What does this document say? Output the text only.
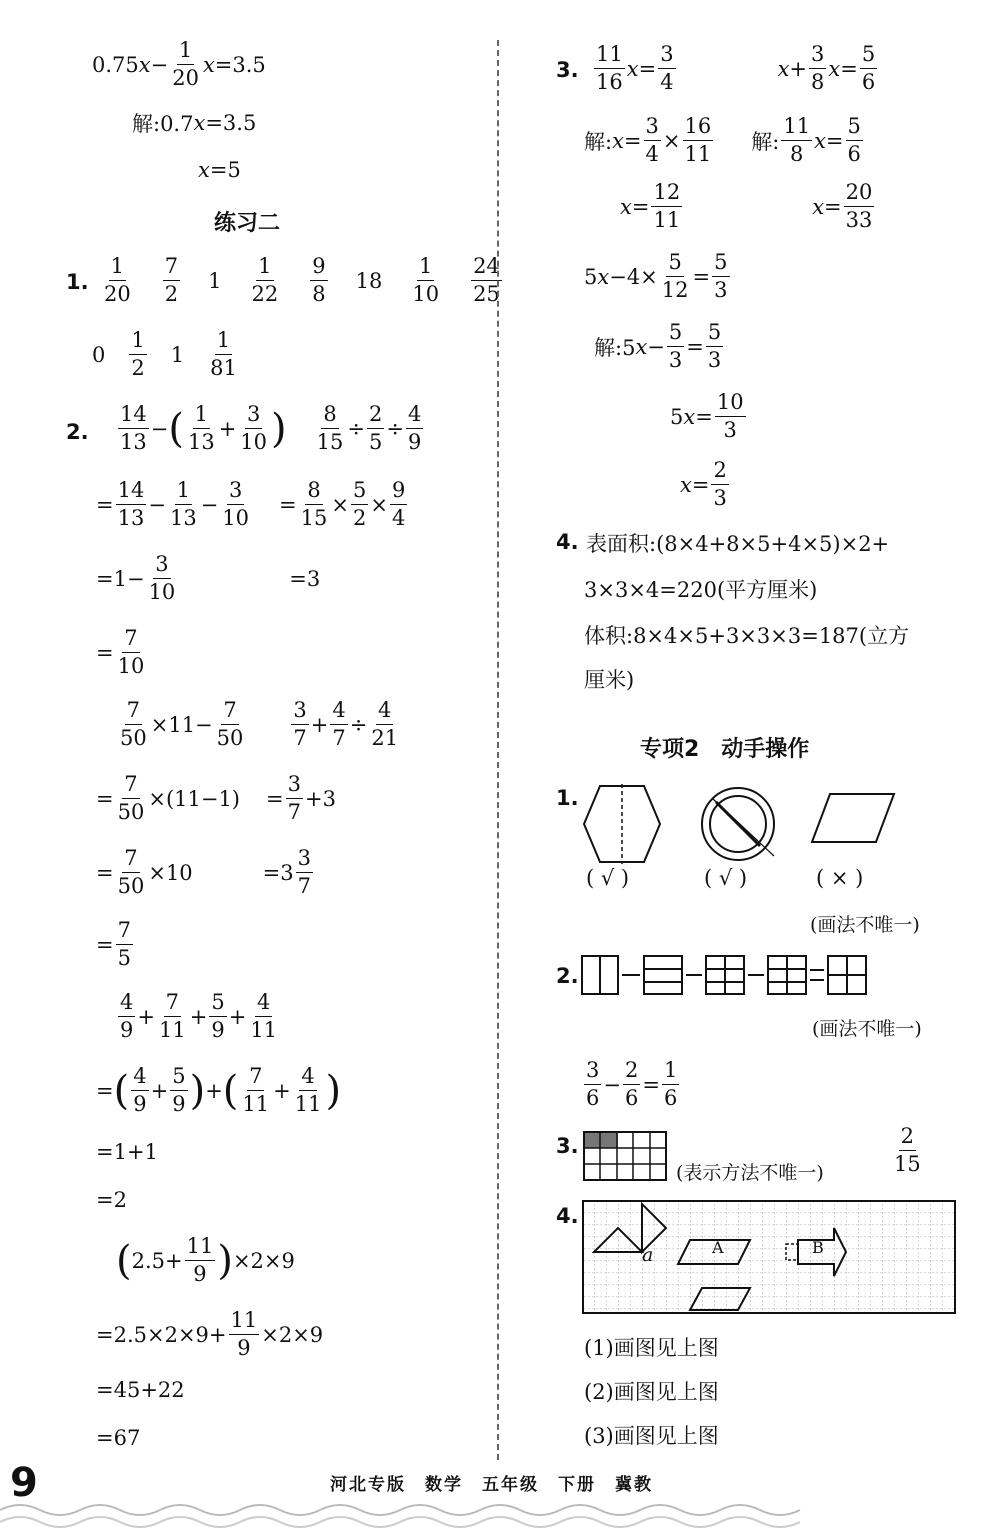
0.75 $x - \frac{1}{20}$ x =3.5
解:0.7 x =3.5
x =5
练习二
1. $\frac{1}{20} \frac{7}{2} 1 \frac{1}{22} \frac{9}{8} 18 \frac{1}{10} \frac{24}{25}$
$0 \frac{1}{2} 1 \frac{1}{81}$
2. $\frac{14}{13}$ − ( $\frac{1}{13} + \frac{3}{10}$ ) $\frac{8}{15} \div \frac{2}{5} \div \frac{4}{9}$
= $\frac{14}{13} - \frac{1}{13} - \frac{3}{10} = \frac{8}{15} \times \frac{5}{2} \times \frac{9}{4}$
$=1- \frac{3}{10}$	=3
= $\frac{7}{10}$
$\frac{7}{50} \times 11- \frac{7}{50} \frac{3}{7} + \frac{4}{7} \div \frac{4}{21}$
= $\frac{7}{50} \times(11-1) = \frac{3}{7} +3$
= $\frac{7}{50} \times 10$	$=3 \frac{3}{7}$
= $\frac{7}{5}$
$\frac{4}{9} + \frac{7}{11} + \frac{5}{9} + \frac{4}{11}$
= ( $\frac{4}{9} + \frac{5}{9}$ ) + ( $\frac{7}{11} + \frac{4}{11}$ )
=1+1
=2
( $2.5+ \frac{11}{9}$ ) ×2×9
$=2.5\times 2\times 9+ \frac{11}{9} \times 2\times 9$
=45+22
=67
3. $\frac{11}{16}$ $x = \frac{3}{4}$	$x + \frac{3}{8}$ $x = \frac{5}{6}$
解: $x = \frac{3}{4} \times \frac{16}{11}$ 解: $\frac{11}{8}$ $x = \frac{5}{6}$
$x = \frac{12}{11}$	$x = \frac{20}{33}$
5 $x -4\times \frac{5}{12} = \frac{5}{3}$
解:5 $x - \frac{5}{3} = \frac{5}{3}$
5 $x = \frac{10}{3}$
$x = \frac{2}{3}$
4. 表面积:(8×4+8×5+4×5)×2+
3×3×4=220(平方厘米)
体积:8×4×5+3×3×3=187(立方
厘米)
专项2　动手操作
1.
( √ )	( √ )	( × )
(画法不唯一)
2.
(画法不唯一)
$\frac{3}{6} - \frac{2}{6} = \frac{1}{6}$
3.
(表示方法不唯一)	$\frac{2}{15}$
4.
a	A	B
(1)画图见上图
(2)画图见上图
(3)画图见上图
9	河北专版　数学　五年级　下册　冀教
